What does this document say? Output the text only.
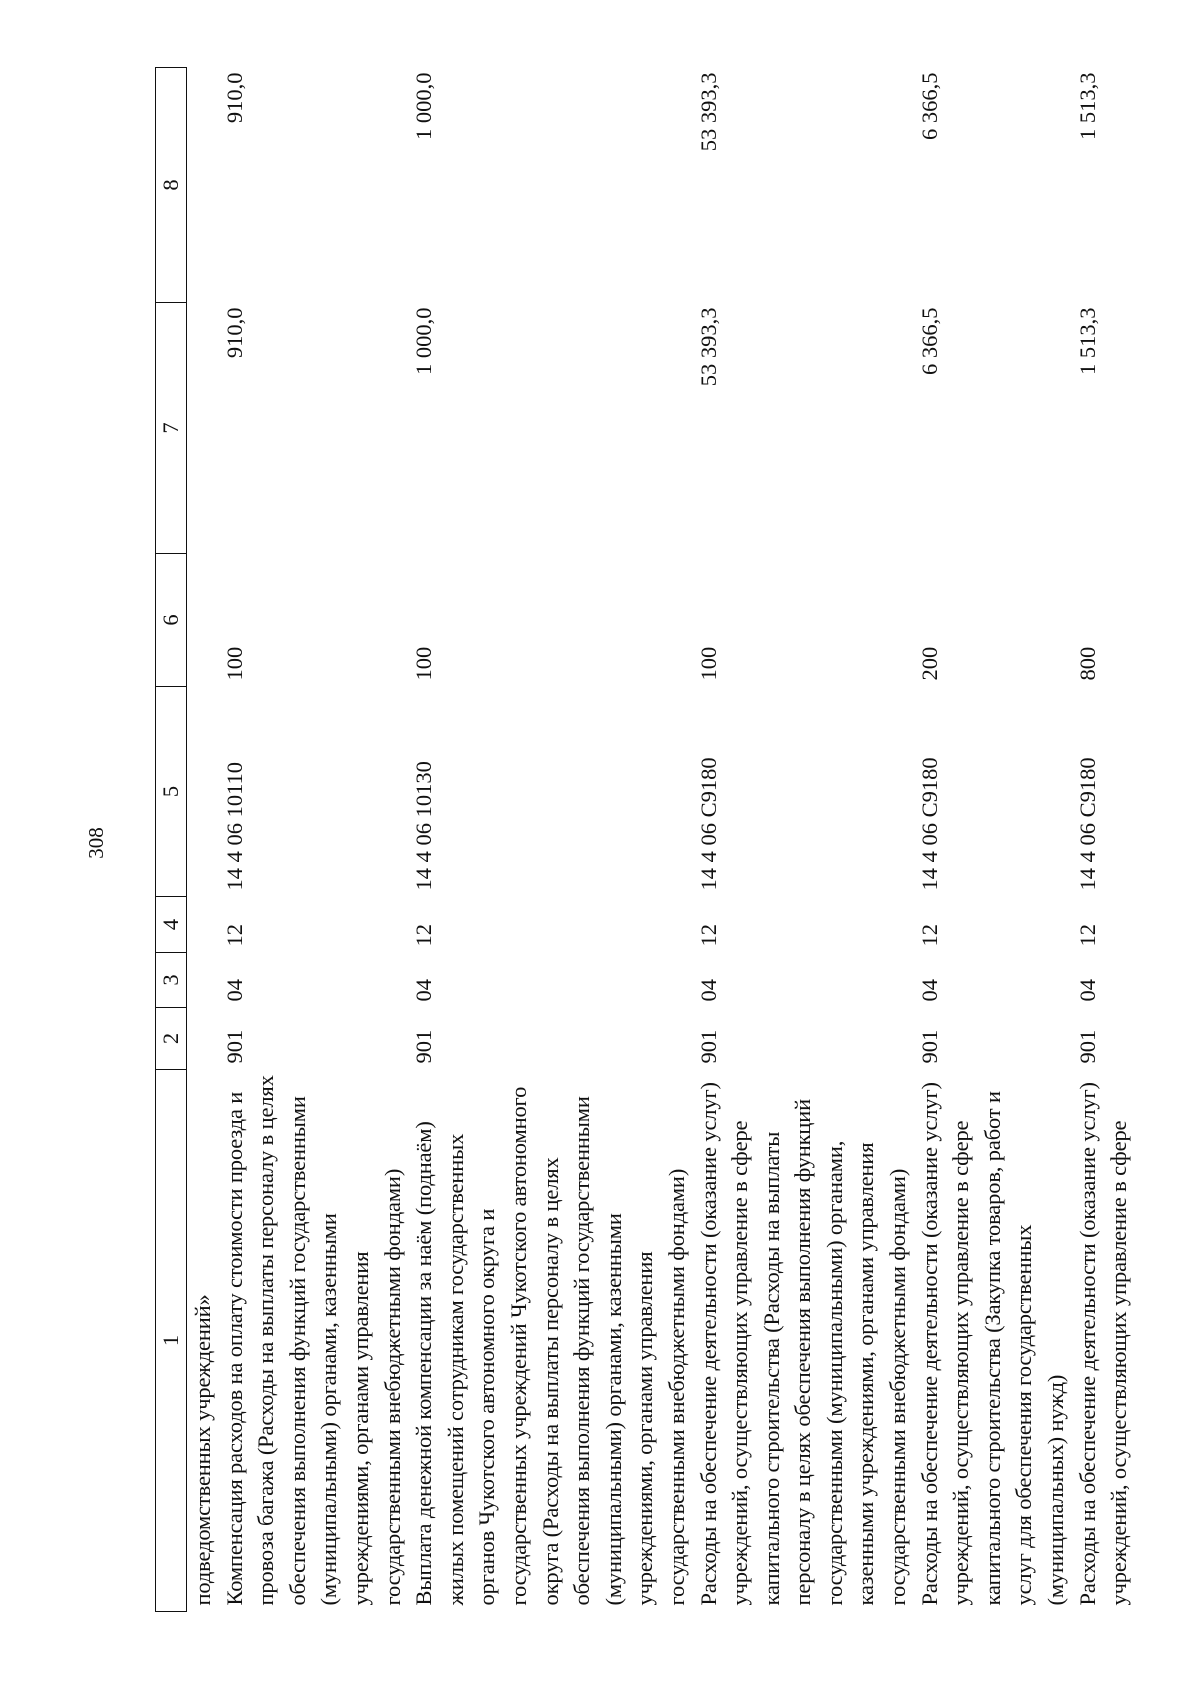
308
1	2	3	4	5	6	7	8
подведомственных учреждений»							
Компенсация расходов на оплату стоимости проезда и провоза багажа (Расходы на выплаты персоналу в целях обеспечения выполнения функций государственными (муниципальными) органами, казенными учреждениями, органами управления государственными внебюджетными фондами)	901	04	12	14 4 06 10110	100	910,0	910,0
Выплата денежной компенсации за наём (поднаём) жилых помещений сотрудникам государственных органов Чукотского автономного округа и государственных учреждений Чукотского автономного округа (Расходы на выплаты персоналу в целях обеспечения выполнения функций государственными (муниципальными) органами, казенными учреждениями, органами управления государственными внебюджетными фондами)	901	04	12	14 4 06 10130	100	1 000,0	1 000,0
Расходы на обеспечение деятельности (оказание услуг) учреждений, осуществляющих управление в сфере капитального строительства (Расходы на выплаты персоналу в целях обеспечения выполнения функций государственными (муниципальными) органами, казенными учреждениями, органами управления государственными внебюджетными фондами)	901	04	12	14 4 06 С9180	100	53 393,3	53 393,3
Расходы на обеспечение деятельности (оказание услуг) учреждений, осуществляющих управление в сфере капитального строительства (Закупка товаров, работ и услуг для обеспечения государственных (муниципальных) нужд)	901	04	12	14 4 06 С9180	200	6 366,5	6 366,5
Расходы на обеспечение деятельности (оказание услуг) учреждений, осуществляющих управление в сфере	901	04	12	14 4 06 С9180	800	1 513,3	1 513,3
